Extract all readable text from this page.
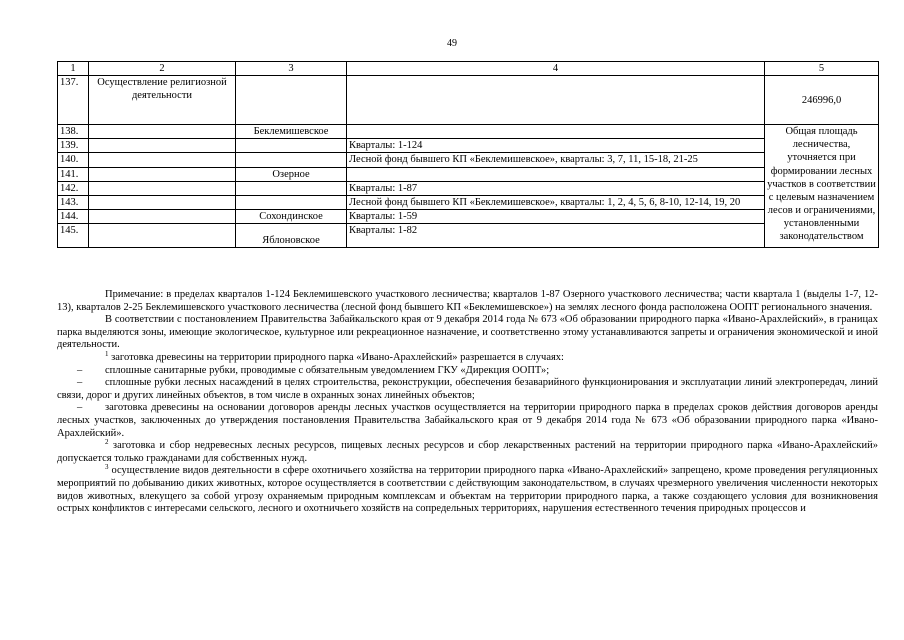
49
1	2	3	4	5
137.	Осуществление религиозной деятельности			246996,0
138.		Беклемишевское		Общая площадь лесничества, уточняется при формировании лесных участков в соответствии с целевым назначением лесов и ограничениями, установленными законодательством
139.			Кварталы: 1-124	
140.			Лесной фонд бывшего КП «Беклемишевское», кварталы: 3, 7, 11, 15-18, 21-25	
141.		Озерное		
142.			Кварталы: 1-87	
143.			Лесной фонд бывшего КП «Беклемишевское», кварталы: 1, 2, 4, 5, 6, 8-10, 12-14, 19, 20	
144.		Сохондинское	Кварталы: 1-59	
145.		Яблоновское	Кварталы: 1-82	

Примечание: в пределах кварталов 1-124 Беклемишевского участкового лесничества; кварталов 1-87 Озерного участкового лесничества; части квартала 1 (выделы 1-7, 12-13), кварталов 2-25 Беклемишевского участкового лесничества (лесной фонд бывшего КП «Беклемишевское») на землях лесного фонда расположена ООПТ регионального значения.

В соответствии с постановлением Правительства Забайкальского края от 9 декабря 2014 года № 673 «Об образовании природного парка «Ивано-Арахлейский», в границах парка выделяются зоны, имеющие экологическое, культурное или рекреационное назначение, и соответственно этому устанавливаются запреты и ограничения экономической и иной деятельности.

$^1$ заготовка древесины на территории природного парка «Ивано-Арахлейский» разрешается в случаях:

– сплошные санитарные рубки, проводимые с обязательным уведомлением ГКУ «Дирекция ООПТ»;

– сплошные рубки лесных насаждений в целях строительства, реконструкции, обеспечения безаварийного функционирования и эксплуатации линий электропередач, линий связи, дорог и других линейных объектов, в том числе в охранных зонах линейных объектов;

– заготовка древесины на основании договоров аренды лесных участков осуществляется на территории природного парка в пределах сроков действия договоров аренды лесных участков, заключенных до утверждения постановления Правительства Забайкальского края от 9 декабря 2014 года № 673 «Об образовании природного парка «Ивано-Арахлейский».

$^2$ заготовка и сбор недревесных лесных ресурсов, пищевых лесных ресурсов и сбор лекарственных растений на территории природного парка «Ивано-Арахлейский» допускается только гражданами для собственных нужд.

$^3$ осуществление видов деятельности в сфере охотничьего хозяйства на территории природного парка «Ивано-Арахлейский» запрещено, кроме проведения регуляционных мероприятий по добыванию диких животных, которое осуществляется в соответствии с действующим законодательством, в случаях чрезмерного увеличения численности некоторых видов животных, влекущего за собой угрозу охраняемым природным комплексам и объектам на территории природного парка, а также создающего условия для возникновения острых конфликтов с интересами сельского, лесного и охотничьего хозяйств на сопредельных территориях, нарушения естественного течения природных процессов и
